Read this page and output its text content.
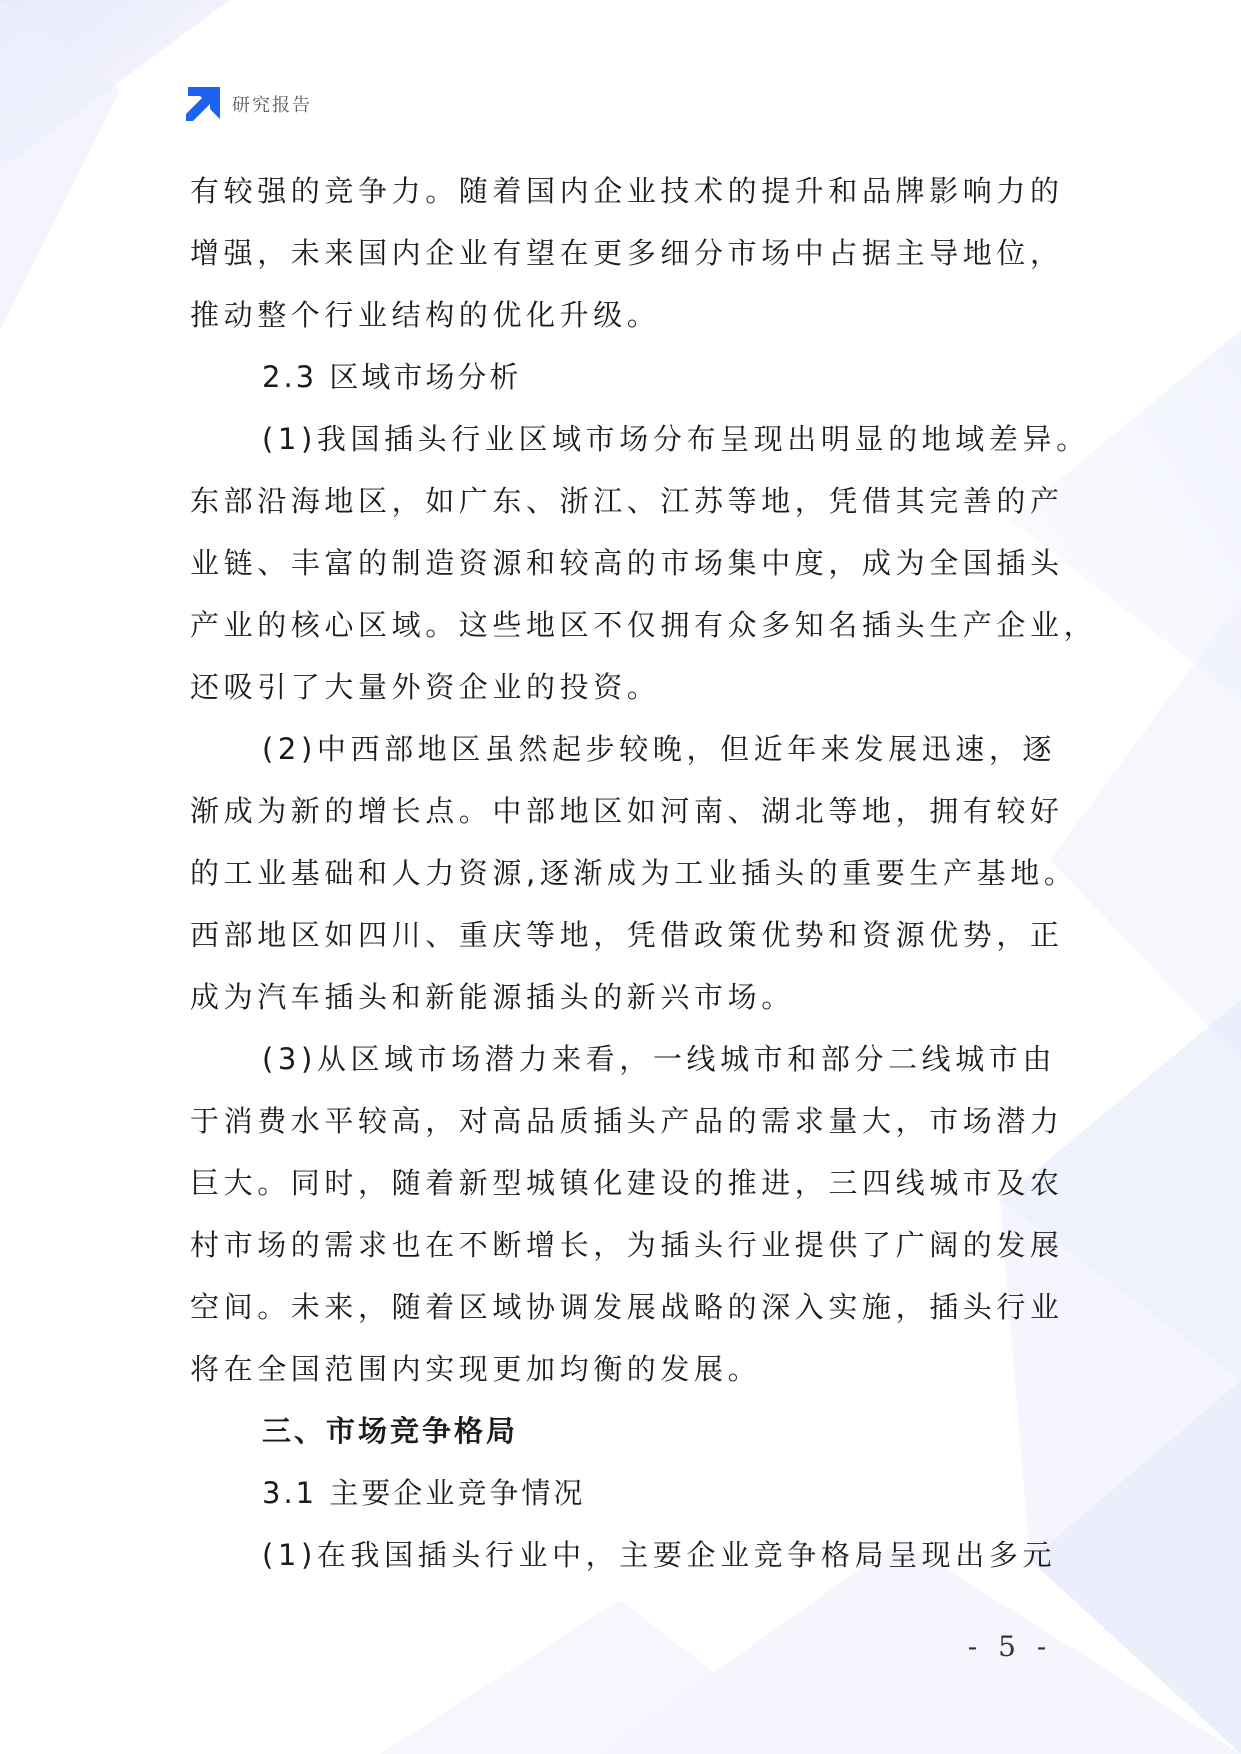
研究报告
有较强的竞争力。随着国内企业技术的提升和品牌影响力的
增强，未来国内企业有望在更多细分市场中占据主导地位，
推动整个行业结构的优化升级。
2.3 区域市场分析
(1)我国插头行业区域市场分布呈现出明显的地域差异。
东部沿海地区，如广东、浙江、江苏等地，凭借其完善的产
业链、丰富的制造资源和较高的市场集中度，成为全国插头
产业的核心区域。这些地区不仅拥有众多知名插头生产企业，
还吸引了大量外资企业的投资。
(2)中西部地区虽然起步较晚，但近年来发展迅速，逐
渐成为新的增长点。中部地区如河南、湖北等地，拥有较好
的工业基础和人力资源,逐渐成为工业插头的重要生产基地。
西部地区如四川、重庆等地，凭借政策优势和资源优势，正
成为汽车插头和新能源插头的新兴市场。
(3)从区域市场潜力来看，一线城市和部分二线城市由
于消费水平较高，对高品质插头产品的需求量大，市场潜力
巨大。同时，随着新型城镇化建设的推进，三四线城市及农
村市场的需求也在不断增长，为插头行业提供了广阔的发展
空间。未来，随着区域协调发展战略的深入实施，插头行业
将在全国范围内实现更加均衡的发展。
三、市场竞争格局
3.1 主要企业竞争情况
(1)在我国插头行业中，主要企业竞争格局呈现出多元
- 5 -
